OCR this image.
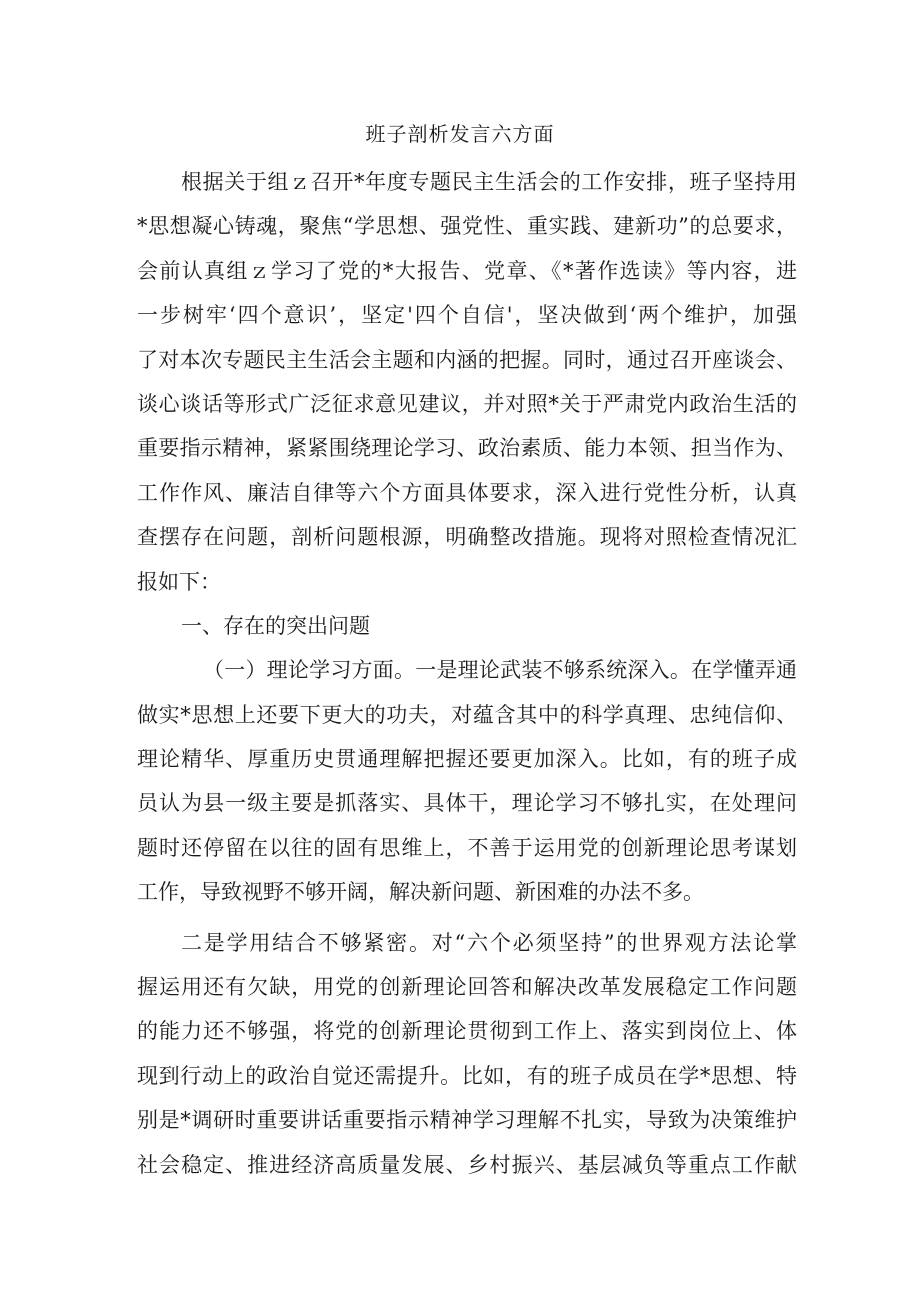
班子剖析发言六方面
根据关于组ｚ召开*年度专题民主生活会的工作安排，班子坚持用
*思想凝心铸魂，聚焦“学思想、强党性、重实践、建新功”的总要求，
会前认真组ｚ学习了党的*大报告、党章、《*著作选读》等内容，进
一步树牢‘四个意识’，坚定'四个自信'，坚决做到‘两个维护，加强
了对本次专题民主生活会主题和内涵的把握。同时，通过召开座谈会、
谈心谈话等形式广泛征求意见建议，并对照*关于严肃党内政治生活的
重要指示精神，紧紧围绕理论学习、政治素质、能力本领、担当作为、
工作作风、廉洁自律等六个方面具体要求，深入进行党性分析，认真
查摆存在问题，剖析问题根源，明确整改措施。现将对照检查情况汇
报如下：
一、存在的突出问题
（一）理论学习方面。一是理论武装不够系统深入。在学懂弄通
做实*思想上还要下更大的功夫，对蕴含其中的科学真理、忠纯信仰、
理论精华、厚重历史贯通理解把握还要更加深入。比如，有的班子成
员认为县一级主要是抓落实、具体干，理论学习不够扎实，在处理问
题时还停留在以往的固有思维上，不善于运用党的创新理论思考谋划
工作，导致视野不够开阔，解决新问题、新困难的办法不多。
二是学用结合不够紧密。对“六个必须坚持”的世界观方法论掌
握运用还有欠缺，用党的创新理论回答和解决改革发展稳定工作问题
的能力还不够强，将党的创新理论贯彻到工作上、落实到岗位上、体
现到行动上的政治自觉还需提升。比如，有的班子成员在学*思想、特
别是*调研时重要讲话重要指示精神学习理解不扎实，导致为决策维护
社会稳定、推进经济高质量发展、乡村振兴、基层减负等重点工作献
